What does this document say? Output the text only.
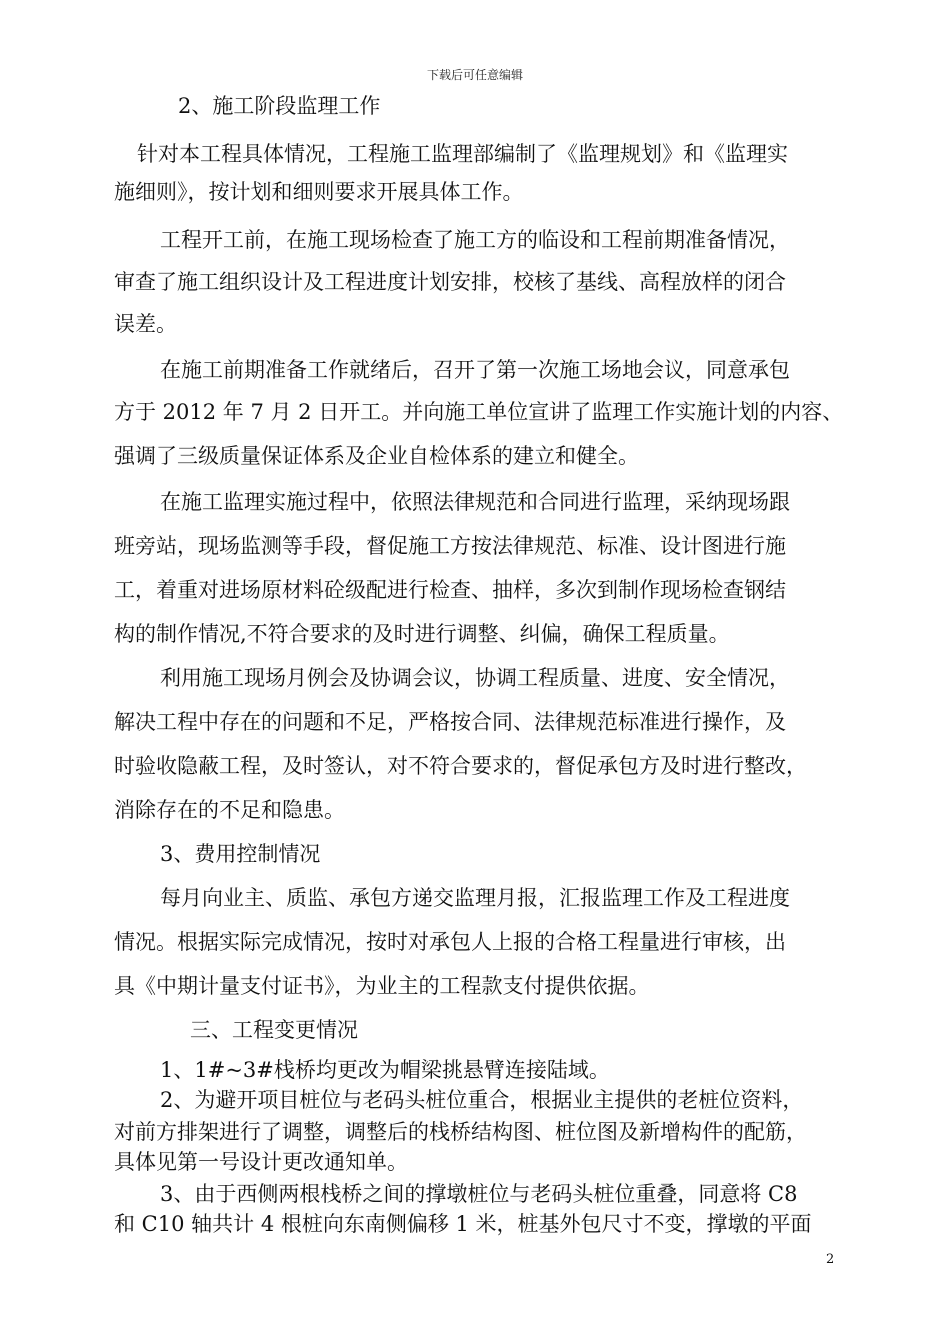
下载后可任意编辑
2、施工阶段监理工作
针对本工程具体情况，工程施工监理部编制了《监理规划》和《监理实
施细则》，按计划和细则要求开展具体工作。
工程开工前，在施工现场检查了施工方的临设和工程前期准备情况，
审查了施工组织设计及工程进度计划安排，校核了基线、高程放样的闭合
误差。
在施工前期准备工作就绪后，召开了第一次施工场地会议，同意承包
方于 2012 年 7 月 2 日开工。并向施工单位宣讲了监理工作实施计划的内容、
强调了三级质量保证体系及企业自检体系的建立和健全。
在施工监理实施过程中，依照法律规范和合同进行监理，采纳现场跟
班旁站，现场监测等手段，督促施工方按法律规范、标准、设计图进行施
工，着重对进场原材料砼级配进行检查、抽样，多次到制作现场检查钢结
构的制作情况,不符合要求的及时进行调整、纠偏，确保工程质量。
利用施工现场月例会及协调会议，协调工程质量、进度、安全情况，
解决工程中存在的问题和不足，严格按合同、法律规范标准进行操作，及
时验收隐蔽工程，及时签认，对不符合要求的，督促承包方及时进行整改，
消除存在的不足和隐患。
3、费用控制情况
每月向业主、质监、承包方递交监理月报，汇报监理工作及工程进度
情况。根据实际完成情况，按时对承包人上报的合格工程量进行审核，出
具《中期计量支付证书》，为业主的工程款支付提供依据。
三、工程变更情况
1、1#~3#栈桥均更改为帽梁挑悬臂连接陆域。
2、为避开项目桩位与老码头桩位重合，根据业主提供的老桩位资料，
对前方排架进行了调整，调整后的栈桥结构图、桩位图及新增构件的配筋，
具体见第一号设计更改通知单。
3、由于西侧两根栈桥之间的撑墩桩位与老码头桩位重叠，同意将 C8
和 C10 轴共计 4 根桩向东南侧偏移 1 米，桩基外包尺寸不变，撑墩的平面
2
